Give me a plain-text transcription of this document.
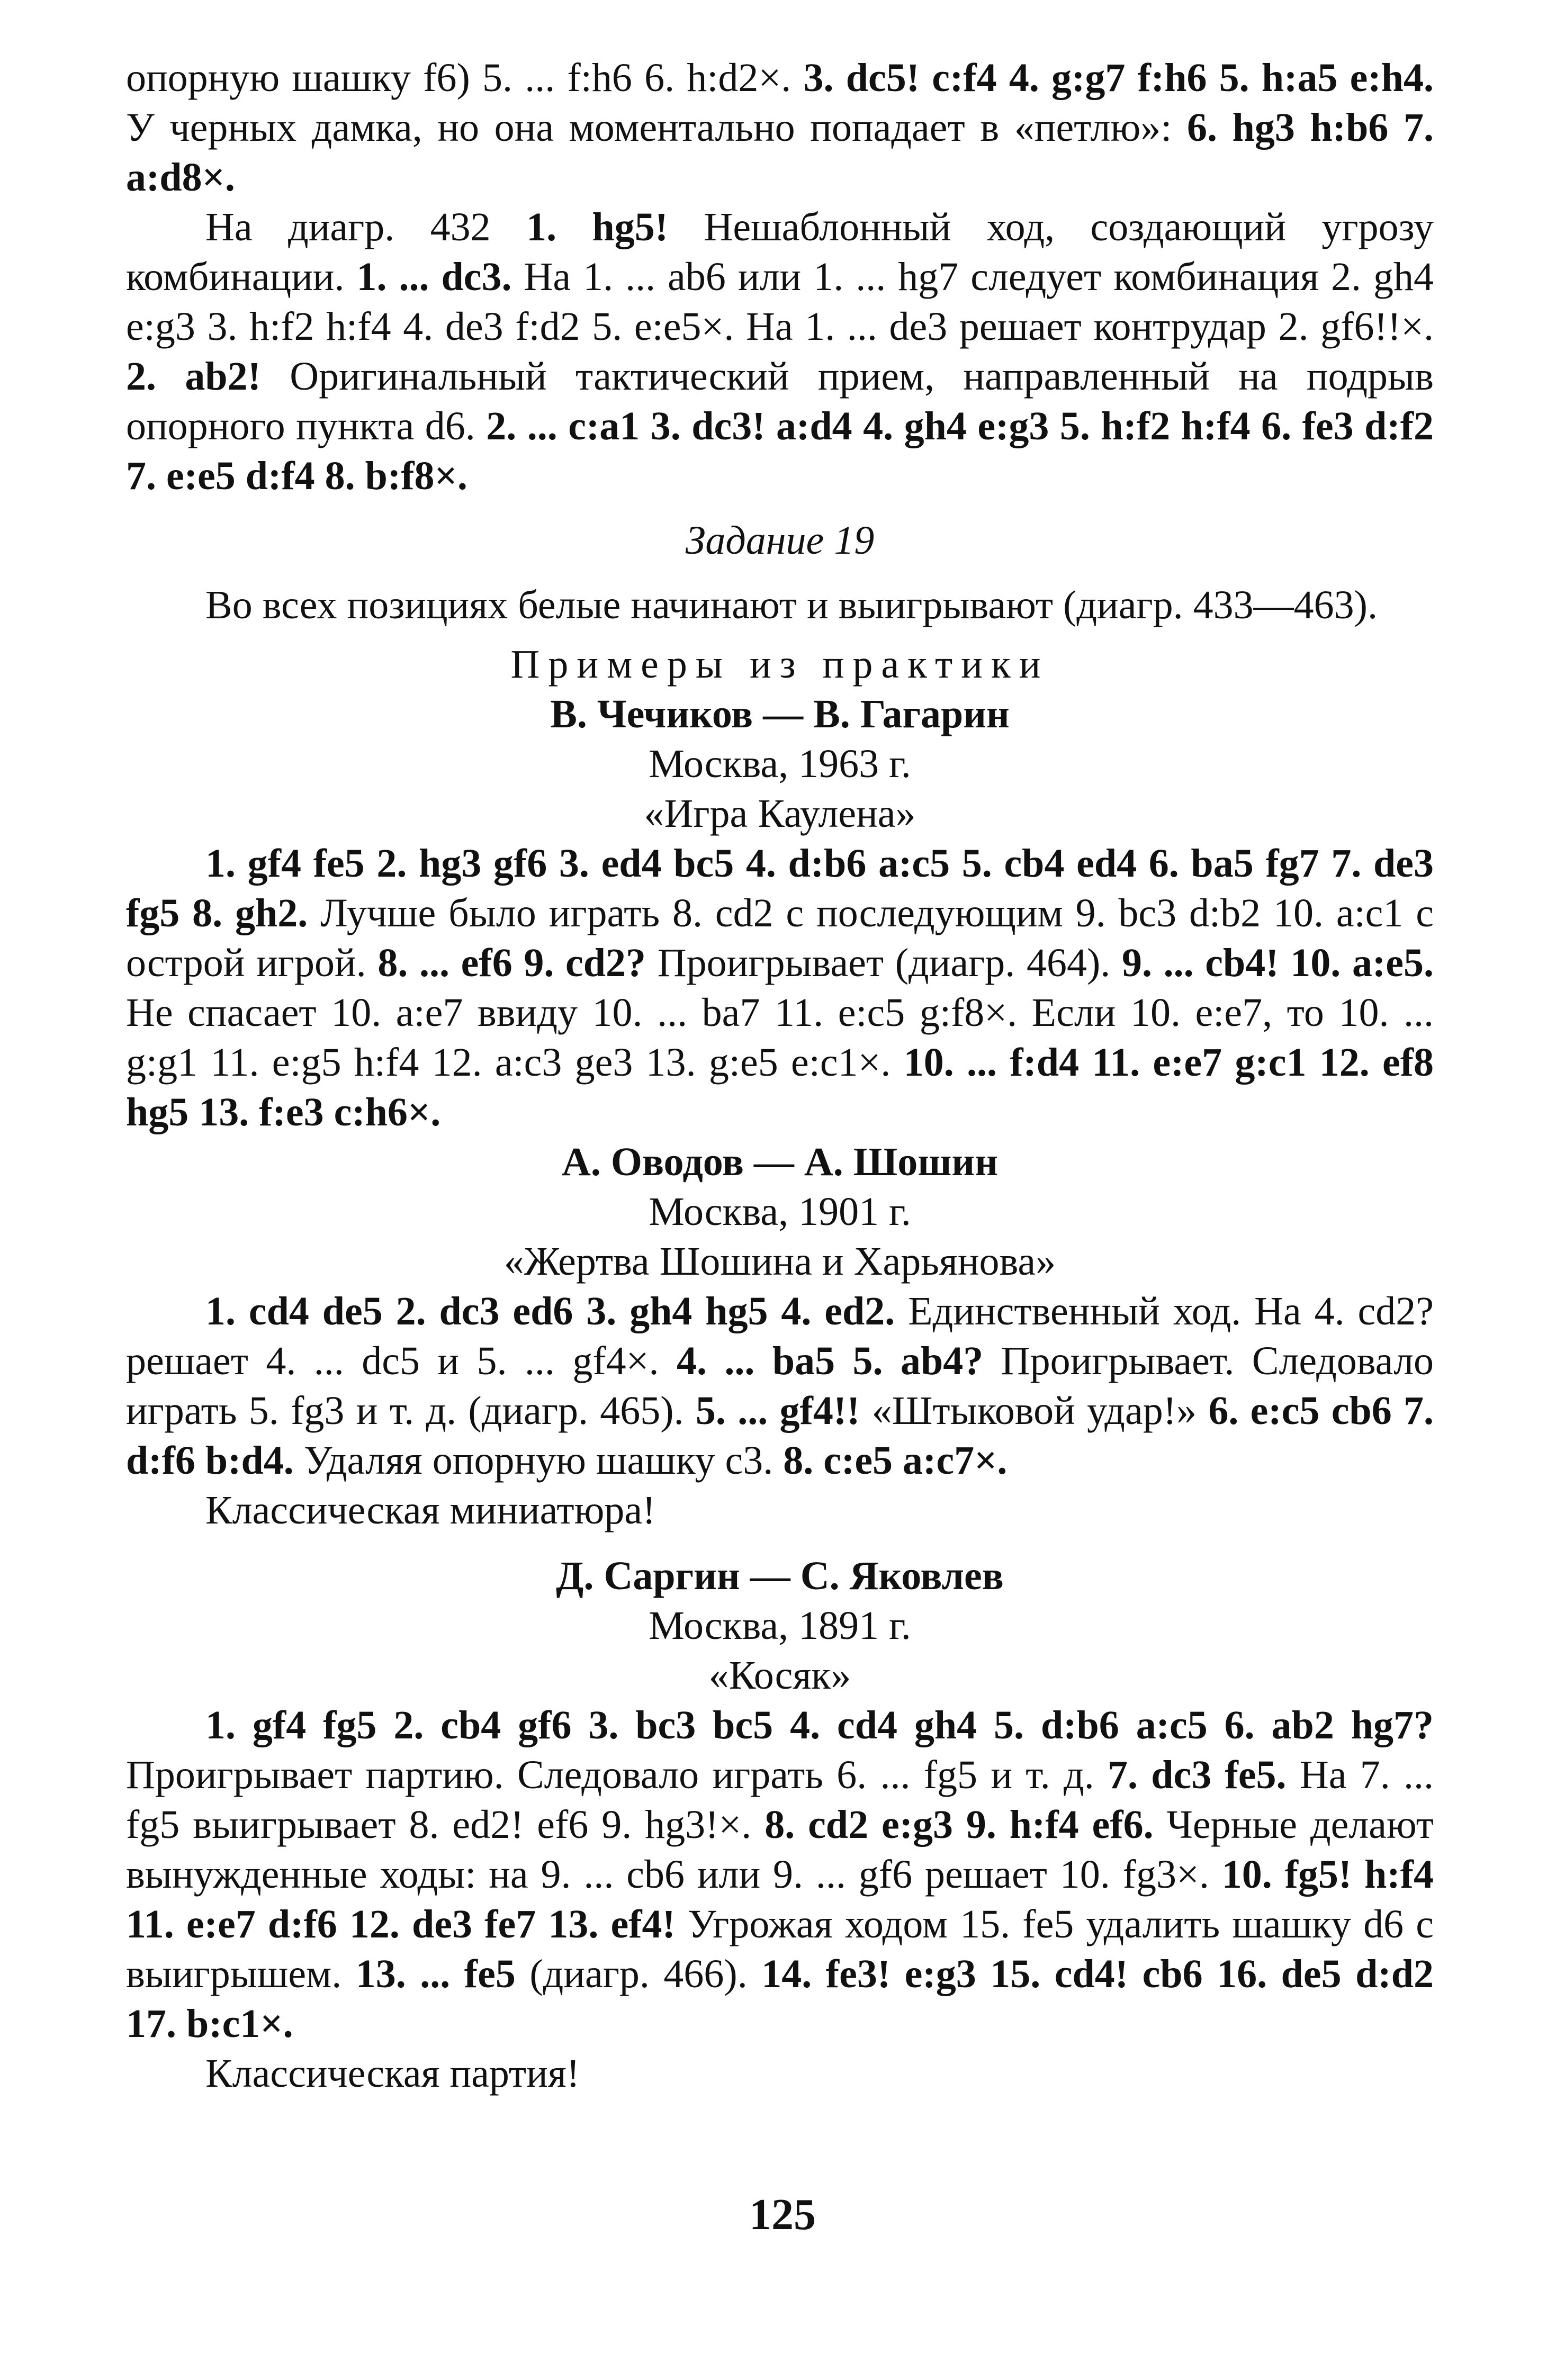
опорную шашку f6) 5. ... f:h6 6. h:d2×. 3. dc5! c:f4 4. g:g7 f:h6 5. h:a5 e:h4. У черных дамка, но она моментально попадает в «петлю»: 6. hg3 h:b6 7. a:d8×.

На диагр. 432 1. hg5! Нешаблонный ход, создающий угрозу комбинации. 1. ... dc3. На 1. ... ab6 или 1. ... hg7 следует комбинация 2. gh4 e:g3 3. h:f2 h:f4 4. de3 f:d2 5. e:e5×. На 1. ... de3 решает контрудар 2. gf6!!×. 2. ab2! Оригинальный тактический прием, направленный на подрыв опорного пункта d6. 2. ... c:a1 3. dc3! a:d4 4. gh4 e:g3 5. h:f2 h:f4 6. fe3 d:f2 7. e:e5 d:f4 8. b:f8×.

Задание 19

Во всех позициях белые начинают и выигрывают (диагр. 433—463).

Примеры из практики

В. Чечиков — В. Гагарин

Москва, 1963 г.

«Игра Каулена»

1. gf4 fe5 2. hg3 gf6 3. ed4 bc5 4. d:b6 a:c5 5. cb4 ed4 6. ba5 fg7 7. de3 fg5 8. gh2. Лучше было играть 8. cd2 с последующим 9. bc3 d:b2 10. a:c1 с острой игрой. 8. ... ef6 9. cd2? Проигрывает (диагр. 464). 9. ... cb4! 10. a:e5. Не спасает 10. a:e7 ввиду 10. ... ba7 11. e:c5 g:f8×. Если 10. e:e7, то 10. ... g:g1 11. e:g5 h:f4 12. a:c3 ge3 13. g:e5 e:c1×. 10. ... f:d4 11. e:e7 g:c1 12. ef8 hg5 13. f:e3 c:h6×.

А. Оводов — А. Шошин

Москва, 1901 г.

«Жертва Шошина и Харьянова»

1. cd4 de5 2. dc3 ed6 3. gh4 hg5 4. ed2. Единственный ход. На 4. cd2? решает 4. ... dc5 и 5. ... gf4×. 4. ... ba5 5. ab4? Проигрывает. Следовало играть 5. fg3 и т. д. (диагр. 465). 5. ... gf4!! «Штыковой удар!» 6. e:c5 cb6 7. d:f6 b:d4. Удаляя опорную шашку c3. 8. c:e5 a:c7×.

Классическая миниатюра!

Д. Саргин — С. Яковлев

Москва, 1891 г.

«Косяк»

1. gf4 fg5 2. cb4 gf6 3. bc3 bc5 4. cd4 gh4 5. d:b6 a:c5 6. ab2 hg7? Проигрывает партию. Следовало играть 6. ... fg5 и т. д. 7. dc3 fe5. На 7. ... fg5 выигрывает 8. ed2! ef6 9. hg3!×. 8. cd2 e:g3 9. h:f4 ef6. Черные делают вынужденные ходы: на 9. ... cb6 или 9. ... gf6 решает 10. fg3×. 10. fg5! h:f4 11. e:e7 d:f6 12. de3 fe7 13. ef4! Угрожая ходом 15. fe5 удалить шашку d6 с выигрышем. 13. ... fe5 (диагр. 466). 14. fe3! e:g3 15. cd4! cb6 16. de5 d:d2 17. b:c1×.

Классическая партия!

125
